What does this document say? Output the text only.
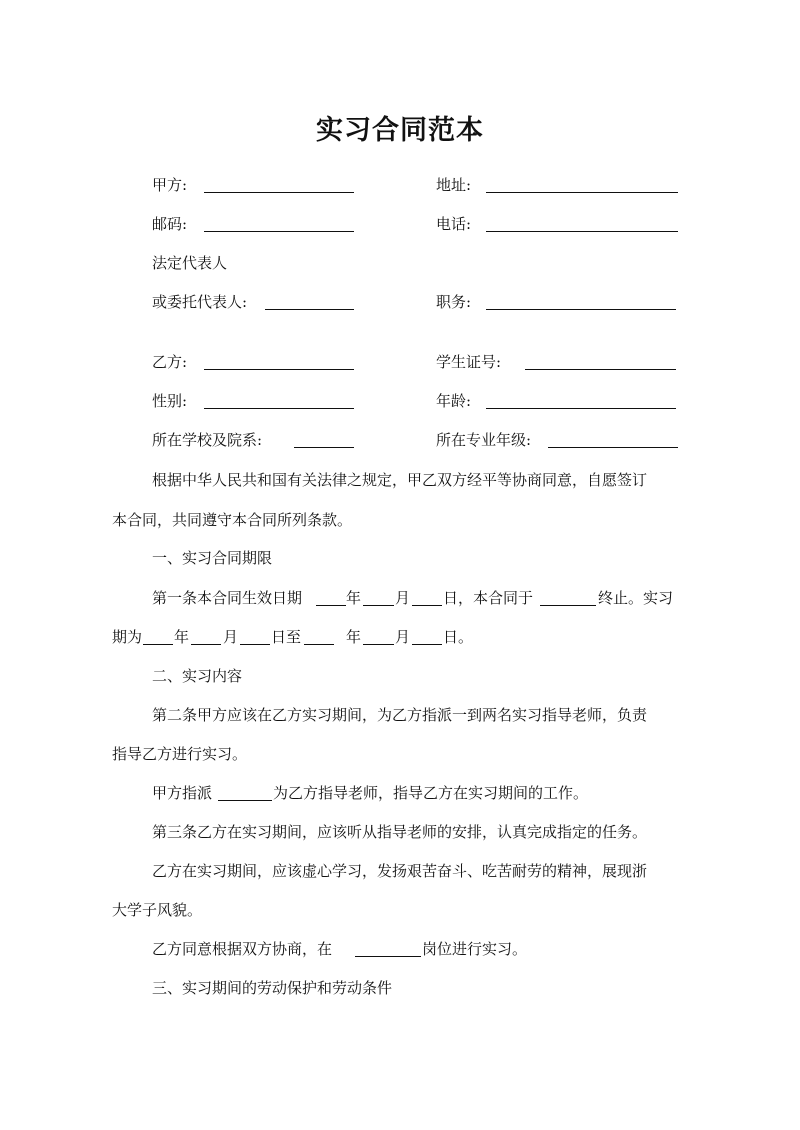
实习合同范本
甲方:	地址:
邮码:	电话:
法定代表人
或委托代表人:	职务:
乙方:	学生证号:
性别:	年龄:
所在学校及院系:	所在专业年级:
根据中华人民共和国有关法律之规定，甲乙双方经平等协商同意，自愿签订
本合同，共同遵守本合同所列条款。
一、实习合同期限
第一条本合同生效日期	年 月 日，本合同于	终止。实习
期为 年 月 日至	年 月 日。
二、实习内容
第二条甲方应该在乙方实习期间，为乙方指派一到两名实习指导老师，负责
指导乙方进行实习。
甲方指派	为乙方指导老师，指导乙方在实习期间的工作。
第三条乙方在实习期间，应该听从指导老师的安排，认真完成指定的任务。
乙方在实习期间，应该虚心学习，发扬艰苦奋斗、吃苦耐劳的精神，展现浙
大学子风貌。
乙方同意根据双方协商，在	岗位进行实习。
三、实习期间的劳动保护和劳动条件
